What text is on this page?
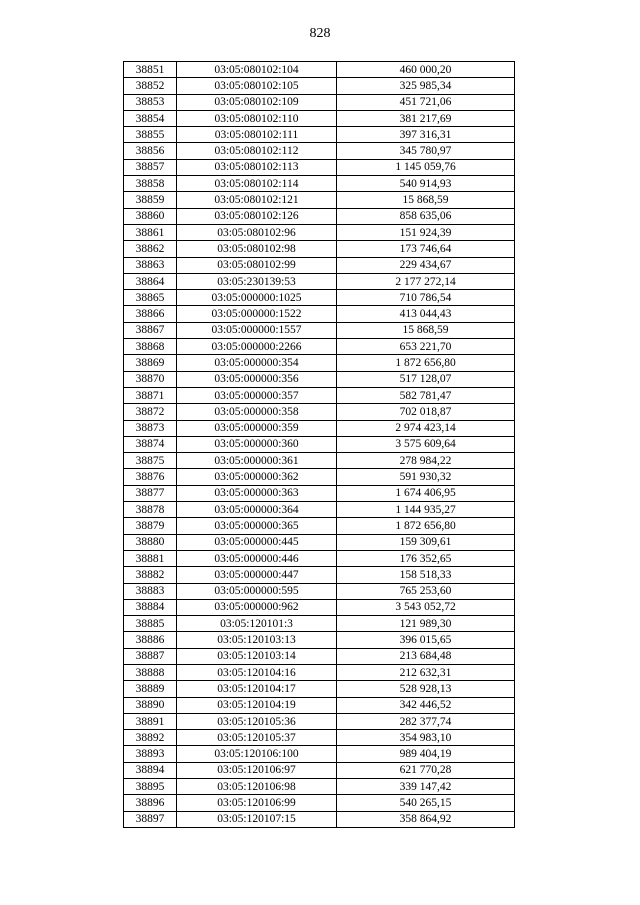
828
38851	03:05:080102:104	460 000,20
38852	03:05:080102:105	325 985,34
38853	03:05:080102:109	451 721,06
38854	03:05:080102:110	381 217,69
38855	03:05:080102:111	397 316,31
38856	03:05:080102:112	345 780,97
38857	03:05:080102:113	1 145 059,76
38858	03:05:080102:114	540 914,93
38859	03:05:080102:121	15 868,59
38860	03:05:080102:126	858 635,06
38861	03:05:080102:96	151 924,39
38862	03:05:080102:98	173 746,64
38863	03:05:080102:99	229 434,67
38864	03:05:230139:53	2 177 272,14
38865	03:05:000000:1025	710 786,54
38866	03:05:000000:1522	413 044,43
38867	03:05:000000:1557	15 868,59
38868	03:05:000000:2266	653 221,70
38869	03:05:000000:354	1 872 656,80
38870	03:05:000000:356	517 128,07
38871	03:05:000000:357	582 781,47
38872	03:05:000000:358	702 018,87
38873	03:05:000000:359	2 974 423,14
38874	03:05:000000:360	3 575 609,64
38875	03:05:000000:361	278 984,22
38876	03:05:000000:362	591 930,32
38877	03:05:000000:363	1 674 406,95
38878	03:05:000000:364	1 144 935,27
38879	03:05:000000:365	1 872 656,80
38880	03:05:000000:445	159 309,61
38881	03:05:000000:446	176 352,65
38882	03:05:000000:447	158 518,33
38883	03:05:000000:595	765 253,60
38884	03:05:000000:962	3 543 052,72
38885	03:05:120101:3	121 989,30
38886	03:05:120103:13	396 015,65
38887	03:05:120103:14	213 684,48
38888	03:05:120104:16	212 632,31
38889	03:05:120104:17	528 928,13
38890	03:05:120104:19	342 446,52
38891	03:05:120105:36	282 377,74
38892	03:05:120105:37	354 983,10
38893	03:05:120106:100	989 404,19
38894	03:05:120106:97	621 770,28
38895	03:05:120106:98	339 147,42
38896	03:05:120106:99	540 265,15
38897	03:05:120107:15	358 864,92
